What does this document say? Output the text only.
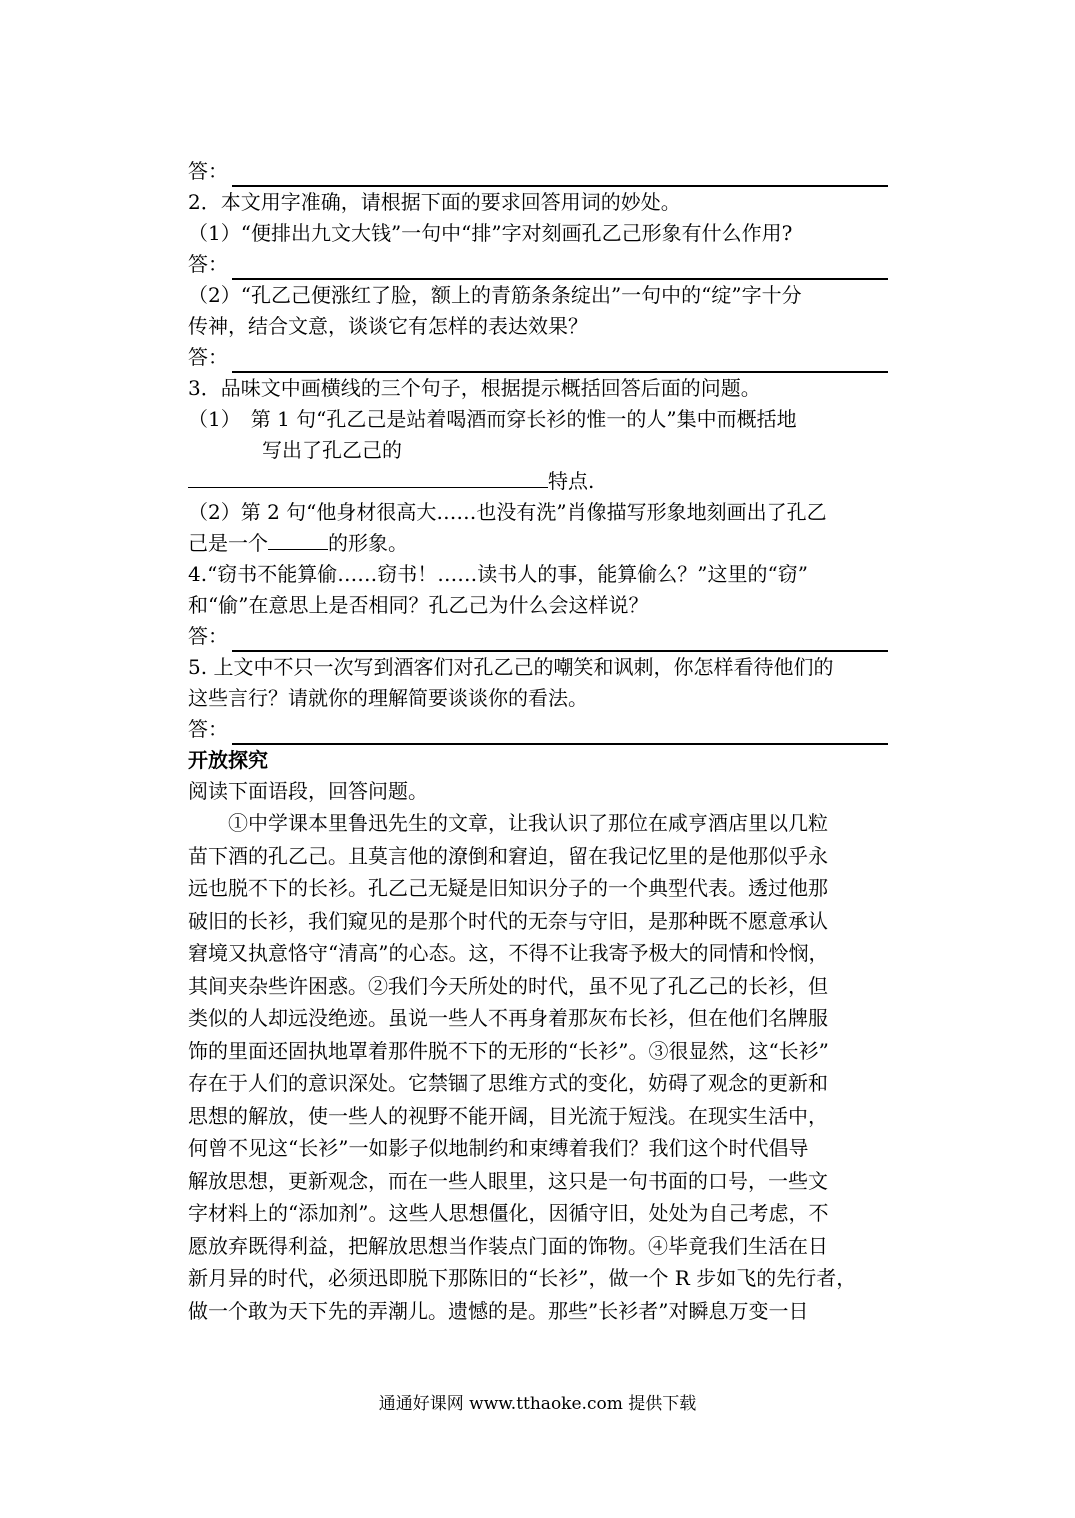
答：
2．本文用字准确，请根据下面的要求回答用词的妙处。
（1）“便排出九文大钱”一句中“排”字对刻画孔乙己形象有什么作用?
答：
（2）“孔乙己便涨红了脸，额上的青筋条条绽出”一句中的“绽”字十分
传神，结合文意，谈谈它有怎样的表达效果？
答：
3．品味文中画横线的三个句子，根据提示概括回答后面的问题。
（1）　第 1 句“孔乙己是站着喝酒而穿长衫的惟一的人”集中而概括地
写出了孔乙己的
特点.
（2）第 2 句“他身材很高大……也没有洗”肖像描写形象地刻画出了孔乙
己是一个	的形象。
4.“窃书不能算偷……窃书！……读书人的事，能算偷么？”这里的“窃”
和“偷”在意思上是否相同？孔乙己为什么会这样说？
答：
5. 上文中不只一次写到酒客们对孔乙己的嘲笑和讽刺，你怎样看待他们的
这些言行？请就你的理解简要谈谈你的看法。
答：
开放探究
阅读下面语段，回答问题。
①中学课本里鲁迅先生的文章，让我认识了那位在咸亨酒店里以几粒
苗下酒的孔乙己。且莫言他的潦倒和窘迫，留在我记忆里的是他那似乎永
远也脱不下的长衫。孔乙己无疑是旧知识分子的一个典型代表。透过他那
破旧的长衫，我们窥见的是那个时代的无奈与守旧，是那种既不愿意承认
窘境又执意恪守“清高”的心态。这，不得不让我寄予极大的同情和怜悯，
其间夹杂些许困惑。②我们今天所处的时代，虽不见了孔乙己的长衫，但
类似的人却远没绝迹。虽说一些人不再身着那灰布长衫，但在他们名牌服
饰的里面还固执地罩着那件脱不下的无形的“长衫”。③很显然，这“长衫”
存在于人们的意识深处。它禁锢了思维方式的变化，妨碍了观念的更新和
思想的解放，使一些人的视野不能开阔，目光流于短浅。在现实生活中，
何曾不见这“长衫”一如影子似地制约和束缚着我们？我们这个时代倡导
解放思想，更新观念，而在一些人眼里，这只是一句书面的口号，一些文
字材料上的“添加剂”。这些人思想僵化，因循守旧，处处为自己考虑，不
愿放弃既得利益，把解放思想当作装点门面的饰物。④毕竟我们生活在日
新月异的时代，必须迅即脱下那陈旧的“长衫”，做一个 R 步如飞的先行者，
做一个敢为天下先的弄潮儿。遗憾的是。那些”长衫者”对瞬息万变一日
通通好课网 www.tthaoke.com 提供下载
